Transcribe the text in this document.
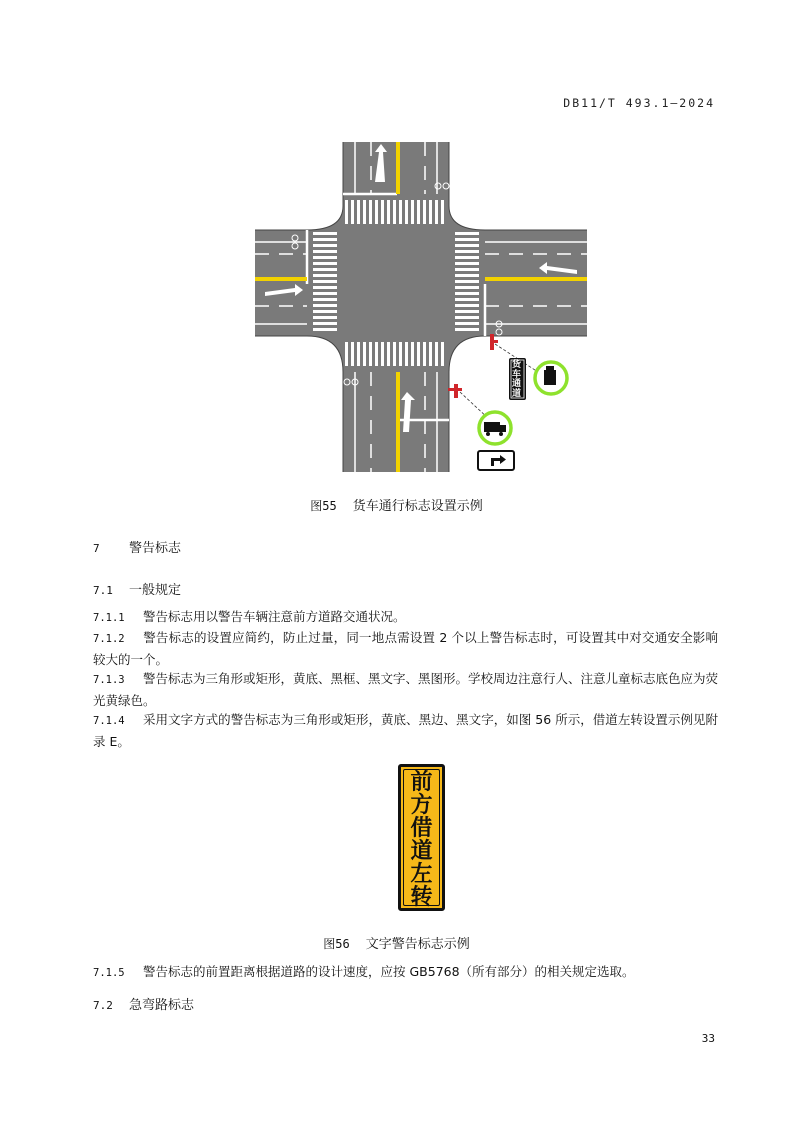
DB11/T 493.1—2024
货车通道
图55 货车通行标志设置示例
7 警告标志
7.1 一般规定
7.1.1 警告标志用以警告车辆注意前方道路交通状况。
7.1.2 警告标志的设置应简约，防止过量，同一地点需设置 2 个以上警告标志时，可设置其中对交通安全影响较大的一个。
7.1.3 警告标志为三角形或矩形，黄底、黑框、黑文字、黑图形。学校周边注意行人、注意儿童标志底色应为荧光黄绿色。
7.1.4 采用文字方式的警告标志为三角形或矩形，黄底、黑边、黑文字，如图 56 所示，借道左转设置示例见附录 E。
前
方
借
道
左
转
图56 文字警告标志示例
7.1.5 警告标志的前置距离根据道路的设计速度，应按 GB5768（所有部分）的相关规定选取。
7.2 急弯路标志
33
